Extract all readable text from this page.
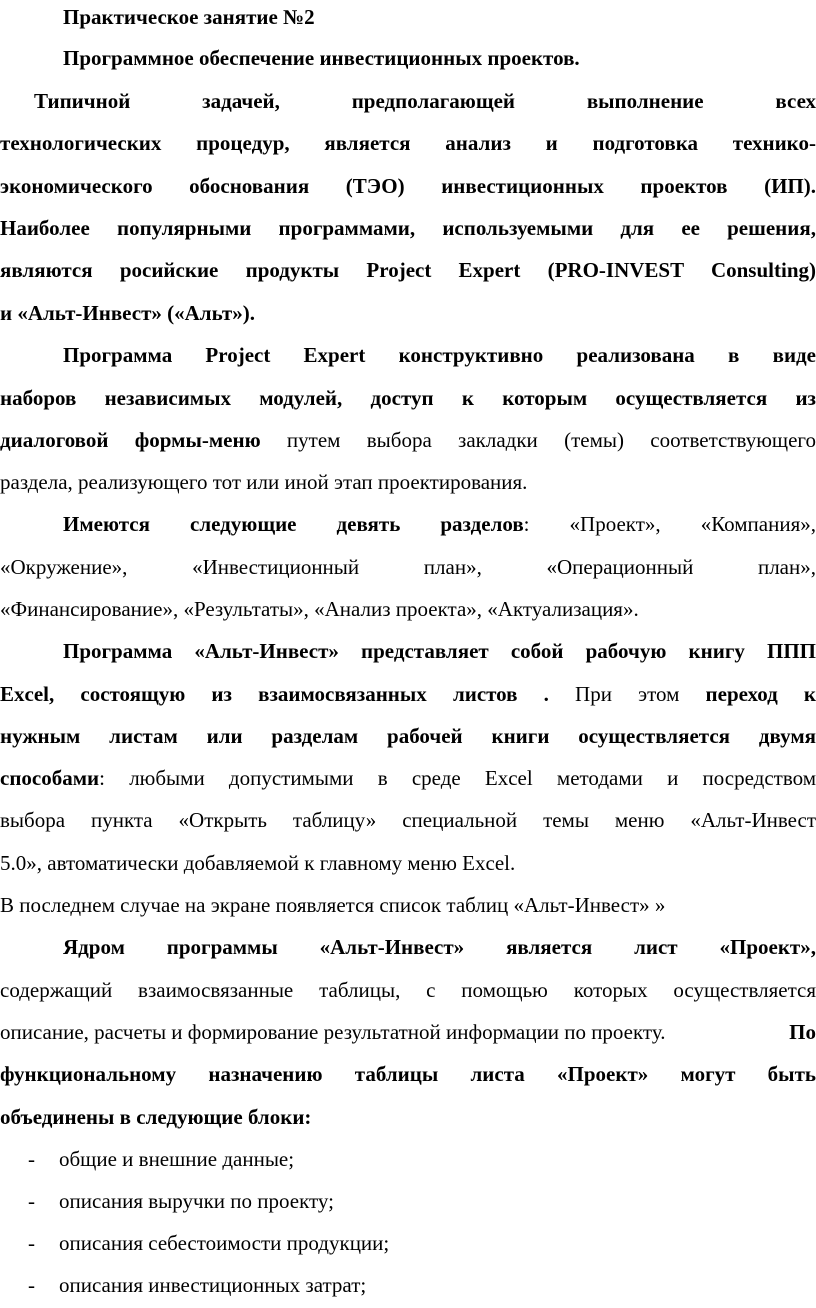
Практическое занятие №2
Программное обеспечение инвестиционных проектов.
Типичной задачей, предполагающей выполнение всех
технологических процедур, является анализ и подготовка технико-
экономического обоснования (ТЭО) инвестиционных проектов (ИП).
Наиболее популярными программами, используемыми для ее решения,
являются росийские продукты Project Expert (PRO-INVEST Consulting)
и «Альт-Инвест» («Альт»).
Программа Project Expert конструктивно реализована в виде
наборов независимых модулей, доступ к которым осуществляется из
диалоговой формы-меню путем выбора закладки (темы) соответствующего
раздела, реализующего тот или иной этап проектирования.
Имеются следующие девять разделов: «Проект», «Компания»,
«Окружение», «Инвестиционный план», «Операционный план»,
«Финансирование», «Результаты», «Анализ проекта», «Актуализация».
Программа «Альт-Инвест» представляет собой рабочую книгу ППП
Excel, состоящую из взаимосвязанных листов . При этом переход к
нужным листам или разделам рабочей книги осуществляется двумя
способами: любыми допустимыми в среде Excel методами и посредством
выбора пункта «Открыть таблицу» специальной темы меню «Альт-Инвест
5.0», автоматически добавляемой к главному меню Excel.
В последнем случае на экране появляется список таблиц «Альт-Инвест» »
Ядром программы «Альт-Инвест» является лист «Проект»,
содержащий взаимосвязанные таблицы, с помощью которых осуществляется
описание, расчеты и формирование результатной информации по проекту.	По
функциональному назначению таблицы листа «Проект» могут быть
объединены в следующие блоки:
- общие и внешние данные;
- описания выручки по проекту;
- описания себестоимости продукции;
- описания инвестиционных затрат;
